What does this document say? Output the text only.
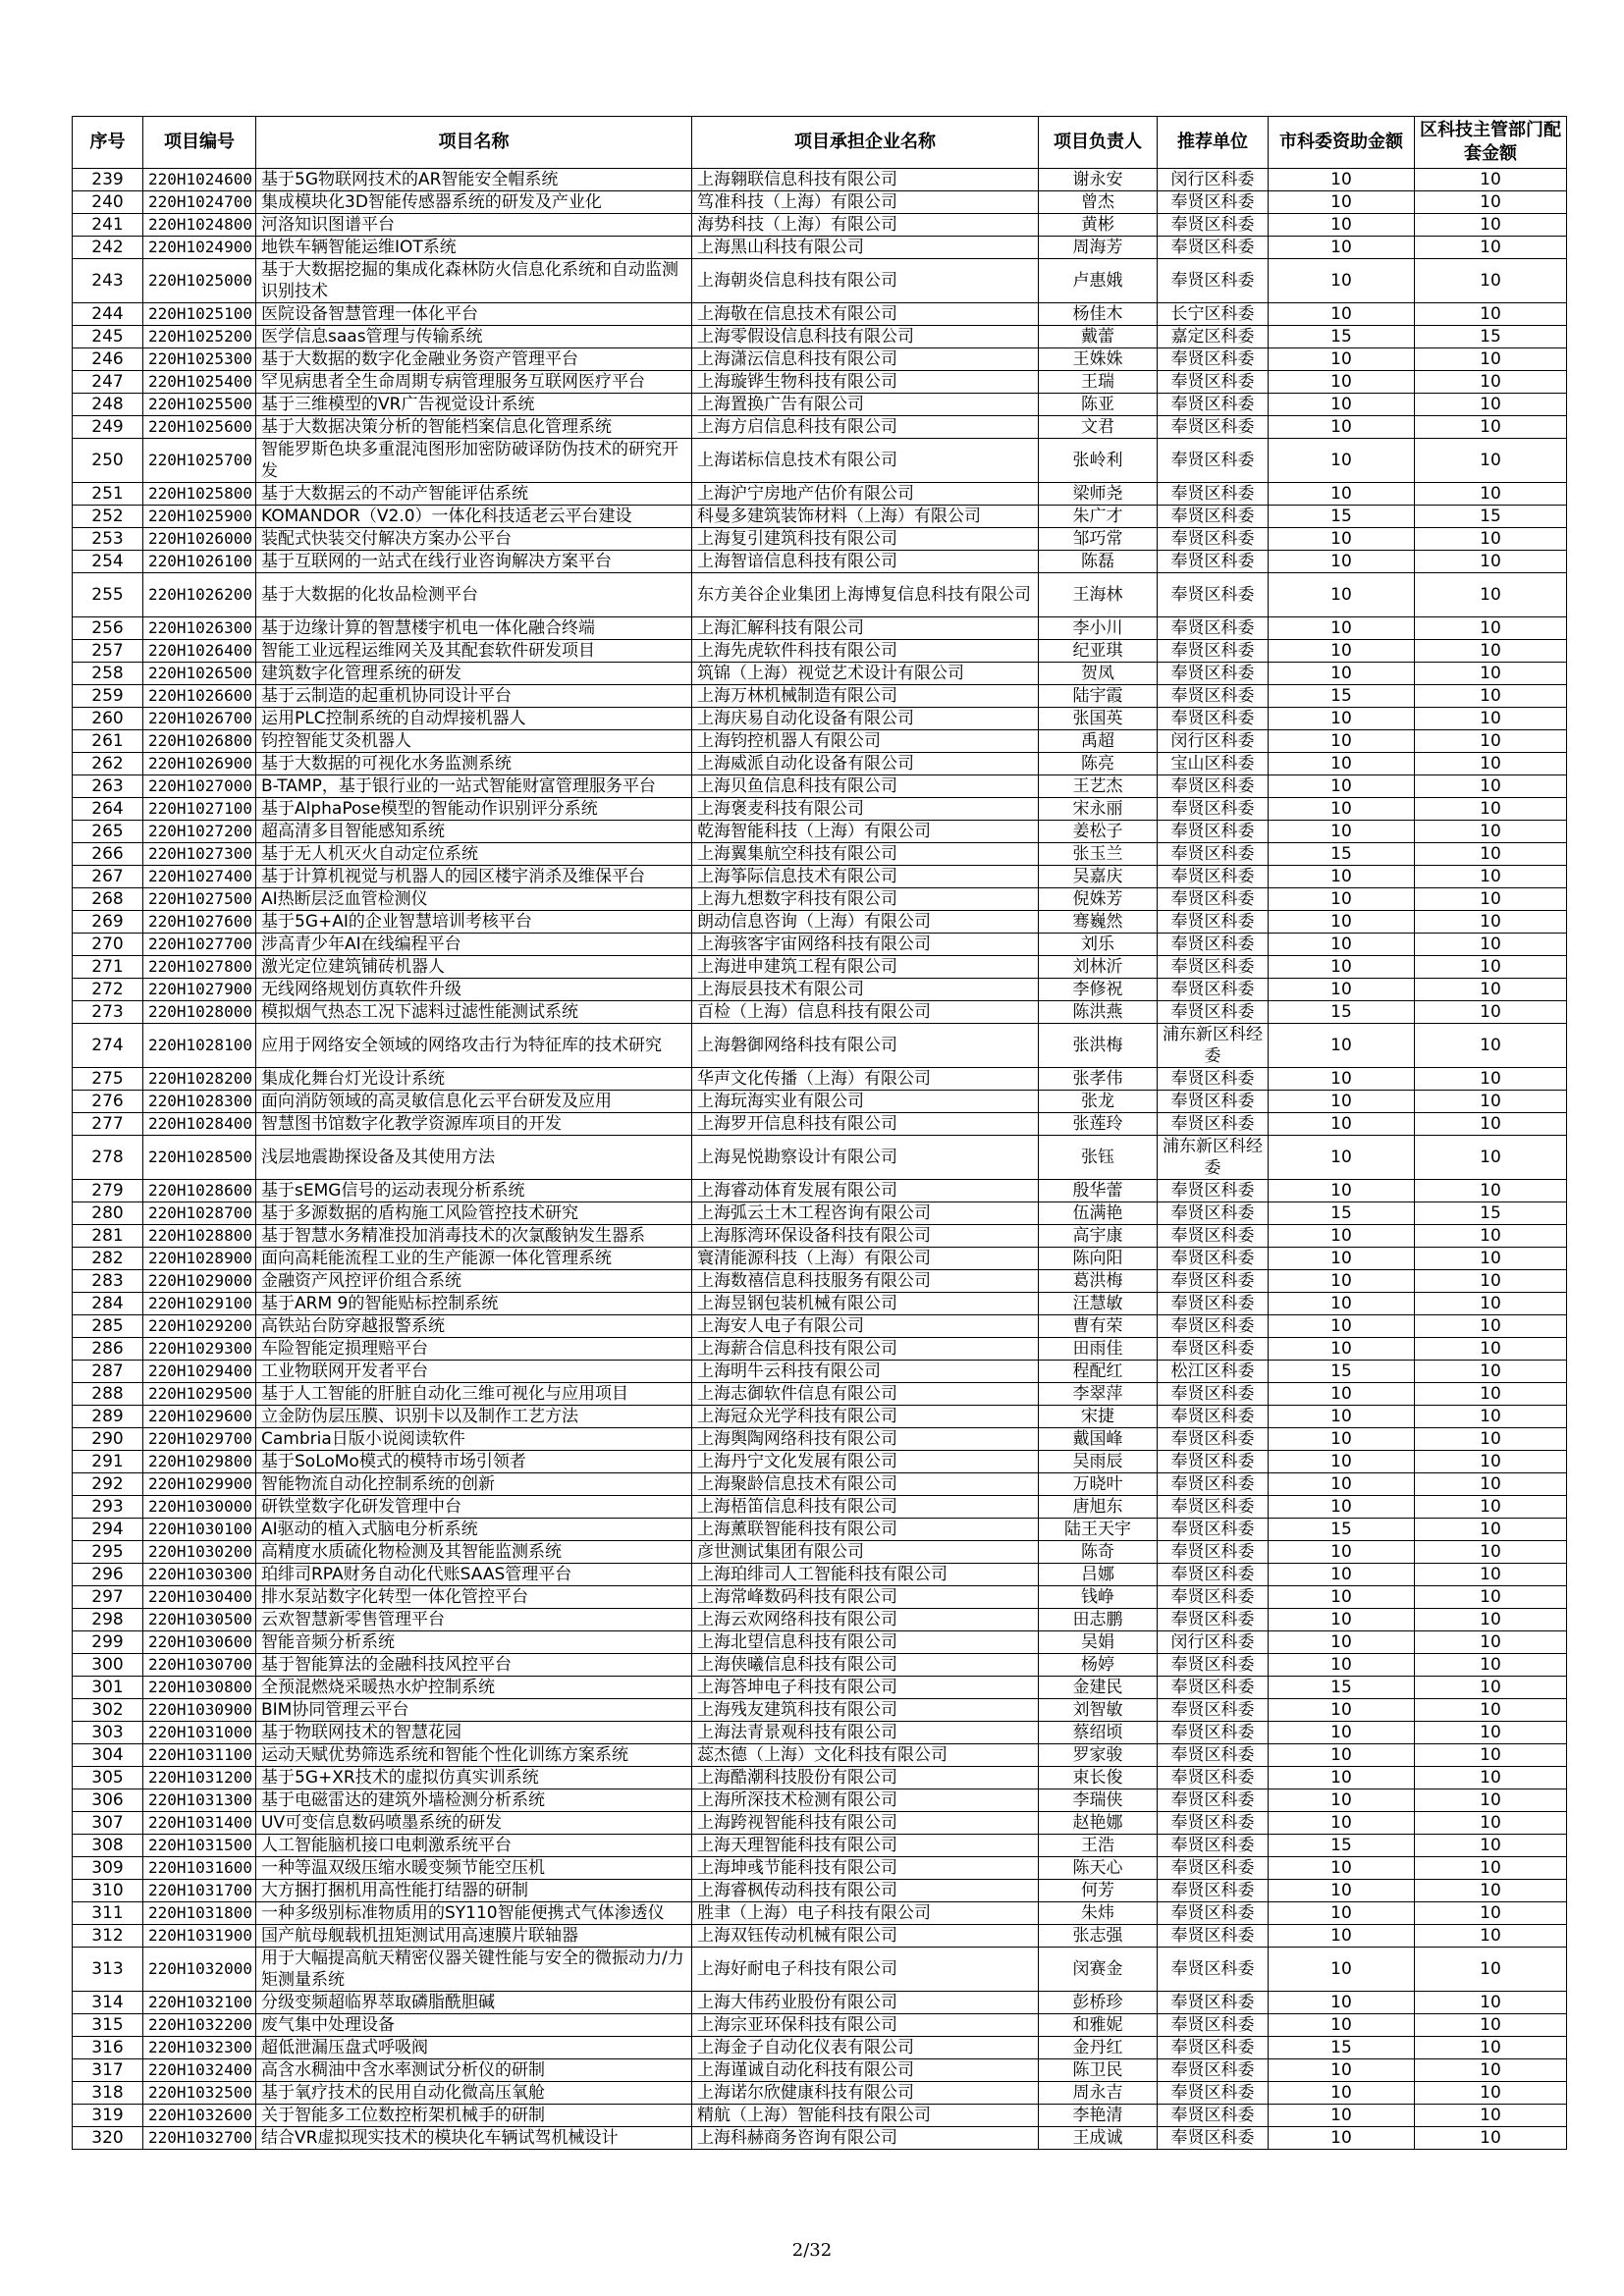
序号	项目编号	项目名称	项目承担企业名称	项目负责人	推荐单位	市科委资助金额	区科技主管部门配套金额
239	220H1024600	基于5G物联网技术的AR智能安全帽系统	上海翱联信息科技有限公司	谢永安	闵行区科委	10	10
240	220H1024700	集成模块化3D智能传感器系统的研发及产业化	笃准科技（上海）有限公司	曾杰	奉贤区科委	10	10
241	220H1024800	河洛知识图谱平台	海势科技（上海）有限公司	黄彬	奉贤区科委	10	10
242	220H1024900	地铁车辆智能运维IOT系统	上海黑山科技有限公司	周海芳	奉贤区科委	10	10
243	220H1025000	基于大数据挖掘的集成化森林防火信息化系统和自动监测识别技术	上海朝炎信息科技有限公司	卢惠娥	奉贤区科委	10	10
244	220H1025100	医院设备智慧管理一体化平台	上海敬在信息技术有限公司	杨佳木	长宁区科委	10	10
245	220H1025200	医学信息saas管理与传输系统	上海零假设信息科技有限公司	戴蕾	嘉定区科委	15	15
246	220H1025300	基于大数据的数字化金融业务资产管理平台	上海潇沄信息科技有限公司	王姝姝	奉贤区科委	10	10
247	220H1025400	罕见病患者全生命周期专病管理服务互联网医疗平台	上海璇铧生物科技有限公司	王瑞	奉贤区科委	10	10
248	220H1025500	基于三维模型的VR广告视觉设计系统	上海置换广告有限公司	陈亚	奉贤区科委	10	10
249	220H1025600	基于大数据决策分析的智能档案信息化管理系统	上海方启信息科技有限公司	文君	奉贤区科委	10	10
250	220H1025700	智能罗斯色块多重混沌图形加密防破译防伪技术的研究开发	上海诺标信息技术有限公司	张岭利	奉贤区科委	10	10
251	220H1025800	基于大数据云的不动产智能评估系统	上海沪宁房地产估价有限公司	梁师尧	奉贤区科委	10	10
252	220H1025900	KOMANDOR（V2.0）一体化科技适老云平台建设	科曼多建筑装饰材料（上海）有限公司	朱广才	奉贤区科委	15	15
253	220H1026000	装配式快装交付解决方案办公平台	上海复引建筑科技有限公司	邹巧常	奉贤区科委	10	10
254	220H1026100	基于互联网的一站式在线行业咨询解决方案平台	上海智谙信息科技有限公司	陈磊	奉贤区科委	10	10
255	220H1026200	基于大数据的化妆品检测平台	东方美谷企业集团上海博复信息科技有限公司	王海林	奉贤区科委	10	10
256	220H1026300	基于边缘计算的智慧楼宇机电一体化融合终端	上海汇解科技有限公司	李小川	奉贤区科委	10	10
257	220H1026400	智能工业远程运维网关及其配套软件研发项目	上海先虎软件科技有限公司	纪亚琪	奉贤区科委	10	10
258	220H1026500	建筑数字化管理系统的研发	筑锦（上海）视觉艺术设计有限公司	贺凤	奉贤区科委	10	10
259	220H1026600	基于云制造的起重机协同设计平台	上海万林机械制造有限公司	陆宇霞	奉贤区科委	15	10
260	220H1026700	运用PLC控制系统的自动焊接机器人	上海庆易自动化设备有限公司	张国英	奉贤区科委	10	10
261	220H1026800	钧控智能艾灸机器人	上海钧控机器人有限公司	禹超	闵行区科委	10	10
262	220H1026900	基于大数据的可视化水务监测系统	上海威派自动化设备有限公司	陈亮	宝山区科委	10	10
263	220H1027000	B-TAMP，基于银行业的一站式智能财富管理服务平台	上海贝鱼信息科技有限公司	王艺杰	奉贤区科委	10	10
264	220H1027100	基于AlphaPose模型的智能动作识别评分系统	上海褒麦科技有限公司	宋永丽	奉贤区科委	10	10
265	220H1027200	超高清多目智能感知系统	乾海智能科技（上海）有限公司	姜松子	奉贤区科委	10	10
266	220H1027300	基于无人机灭火自动定位系统	上海翼集航空科技有限公司	张玉兰	奉贤区科委	15	10
267	220H1027400	基于计算机视觉与机器人的园区楼宇消杀及维保平台	上海筝际信息技术有限公司	吴嘉庆	奉贤区科委	10	10
268	220H1027500	AI热断层泛血管检测仪	上海九想数字科技有限公司	倪姝芳	奉贤区科委	10	10
269	220H1027600	基于5G+AI的企业智慧培训考核平台	朗动信息咨询（上海）有限公司	骞巍然	奉贤区科委	10	10
270	220H1027700	涉高青少年AI在线编程平台	上海骇客宇宙网络科技有限公司	刘乐	奉贤区科委	10	10
271	220H1027800	激光定位建筑铺砖机器人	上海进申建筑工程有限公司	刘林沂	奉贤区科委	10	10
272	220H1027900	无线网络规划仿真软件升级	上海辰县技术有限公司	李修祝	奉贤区科委	10	10
273	220H1028000	模拟烟气热态工况下滤料过滤性能测试系统	百检（上海）信息科技有限公司	陈洪燕	奉贤区科委	15	10
274	220H1028100	应用于网络安全领域的网络攻击行为特征库的技术研究	上海磐御网络科技有限公司	张洪梅	浦东新区科经委	10	10
275	220H1028200	集成化舞台灯光设计系统	华声文化传播（上海）有限公司	张孝伟	奉贤区科委	10	10
276	220H1028300	面向消防领域的高灵敏信息化云平台研发及应用	上海玩海实业有限公司	张龙	奉贤区科委	10	10
277	220H1028400	智慧图书馆数字化教学资源库项目的开发	上海罗开信息科技有限公司	张莲玲	奉贤区科委	10	10
278	220H1028500	浅层地震勘探设备及其使用方法	上海晃悦勘察设计有限公司	张钰	浦东新区科经委	10	10
279	220H1028600	基于sEMG信号的运动表现分析系统	上海睿动体育发展有限公司	殷华蕾	奉贤区科委	10	10
280	220H1028700	基于多源数据的盾构施工风险管控技术研究	上海弧云土木工程咨询有限公司	伍满艳	奉贤区科委	15	15
281	220H1028800	基于智慧水务精准投加消毒技术的次氯酸钠发生器系	上海豚湾环保设备科技有限公司	高宇康	奉贤区科委	10	10
282	220H1028900	面向高耗能流程工业的生产能源一体化管理系统	寰清能源科技（上海）有限公司	陈向阳	奉贤区科委	10	10
283	220H1029000	金融资产风控评价组合系统	上海数禧信息科技服务有限公司	葛洪梅	奉贤区科委	10	10
284	220H1029100	基于ARM 9的智能贴标控制系统	上海昱钢包装机械有限公司	汪慧敏	奉贤区科委	10	10
285	220H1029200	高铁站台防穿越报警系统	上海安人电子有限公司	曹有荣	奉贤区科委	10	10
286	220H1029300	车险智能定损理赔平台	上海薪合信息科技有限公司	田雨佳	奉贤区科委	10	10
287	220H1029400	工业物联网开发者平台	上海明牛云科技有限公司	程配红	松江区科委	15	10
288	220H1029500	基于人工智能的肝脏自动化三维可视化与应用项目	上海志御软件信息有限公司	李翠萍	奉贤区科委	10	10
289	220H1029600	立金防伪层压膜、识别卡以及制作工艺方法	上海冠众光学科技有限公司	宋捷	奉贤区科委	10	10
290	220H1029700	Cambria日版小说阅读软件	上海舆陶网络科技有限公司	戴国峰	奉贤区科委	10	10
291	220H1029800	基于SoLoMo模式的模特市场引领者	上海丹宁文化发展有限公司	吴雨辰	奉贤区科委	10	10
292	220H1029900	智能物流自动化控制系统的创新	上海聚龄信息技术有限公司	万晓叶	奉贤区科委	10	10
293	220H1030000	研铁堂数字化研发管理中台	上海梧笛信息科技有限公司	唐旭东	奉贤区科委	10	10
294	220H1030100	AI驱动的植入式脑电分析系统	上海薰联智能科技有限公司	陆王天宇	奉贤区科委	15	10
295	220H1030200	高精度水质硫化物检测及其智能监测系统	彦世测试集团有限公司	陈奇	奉贤区科委	10	10
296	220H1030300	珀绯司RPA财务自动化代账SAAS管理平台	上海珀绯司人工智能科技有限公司	吕娜	奉贤区科委	10	10
297	220H1030400	排水泵站数字化转型一体化管控平台	上海常峰数码科技有限公司	钱峥	奉贤区科委	10	10
298	220H1030500	云欢智慧新零售管理平台	上海云欢网络科技有限公司	田志鹏	奉贤区科委	10	10
299	220H1030600	智能音频分析系统	上海北望信息科技有限公司	吴娟	闵行区科委	10	10
300	220H1030700	基于智能算法的金融科技风控平台	上海侠曦信息科技有限公司	杨婷	奉贤区科委	10	10
301	220H1030800	全预混燃烧采暖热水炉控制系统	上海答坤电子科技有限公司	金建民	奉贤区科委	15	10
302	220H1030900	BIM协同管理云平台	上海残友建筑科技有限公司	刘智敏	奉贤区科委	10	10
303	220H1031000	基于物联网技术的智慧花园	上海法青景观科技有限公司	蔡绍顷	奉贤区科委	10	10
304	220H1031100	运动天赋优势筛选系统和智能个性化训练方案系统	蕊杰德（上海）文化科技有限公司	罗家骏	奉贤区科委	10	10
305	220H1031200	基于5G+XR技术的虚拟仿真实训系统	上海酷潮科技股份有限公司	束长俊	奉贤区科委	10	10
306	220H1031300	基于电磁雷达的建筑外墙检测分析系统	上海所深技术检测有限公司	李瑞侠	奉贤区科委	10	10
307	220H1031400	UV可变信息数码喷墨系统的研发	上海跨视智能科技有限公司	赵艳娜	奉贤区科委	10	10
308	220H1031500	人工智能脑机接口电刺激系统平台	上海天理智能科技有限公司	王浩	奉贤区科委	15	10
309	220H1031600	一种等温双级压缩水暖变频节能空压机	上海坤彧节能科技有限公司	陈天心	奉贤区科委	10	10
310	220H1031700	大方捆打捆机用高性能打结器的研制	上海睿枫传动科技有限公司	何芳	奉贤区科委	10	10
311	220H1031800	一种多级别标准物质用的SY110智能便携式气体渗透仪	胜聿（上海）电子科技有限公司	朱炜	奉贤区科委	10	10
312	220H1031900	国产航母舰载机扭矩测试用高速膜片联轴器	上海双钰传动机械有限公司	张志强	奉贤区科委	10	10
313	220H1032000	用于大幅提高航天精密仪器关键性能与安全的微振动力/力矩测量系统	上海好耐电子科技有限公司	闵赛金	奉贤区科委	10	10
314	220H1032100	分级变频超临界萃取磷脂酰胆碱	上海大伟药业股份有限公司	彭桥珍	奉贤区科委	10	10
315	220H1032200	废气集中处理设备	上海宗亚环保科技有限公司	和雅妮	奉贤区科委	10	10
316	220H1032300	超低泄漏压盘式呼吸阀	上海金子自动化仪表有限公司	金丹红	奉贤区科委	15	10
317	220H1032400	高含水稠油中含水率测试分析仪的研制	上海谨诚自动化科技有限公司	陈卫民	奉贤区科委	10	10
318	220H1032500	基于氧疗技术的民用自动化微高压氧舱	上海诺尔欣健康科技有限公司	周永吉	奉贤区科委	10	10
319	220H1032600	关于智能多工位数控桁架机械手的研制	精航（上海）智能科技有限公司	李艳清	奉贤区科委	10	10
320	220H1032700	结合VR虚拟现实技术的模块化车辆试驾机械设计	上海科赫商务咨询有限公司	王成诚	奉贤区科委	10	10
2/32
